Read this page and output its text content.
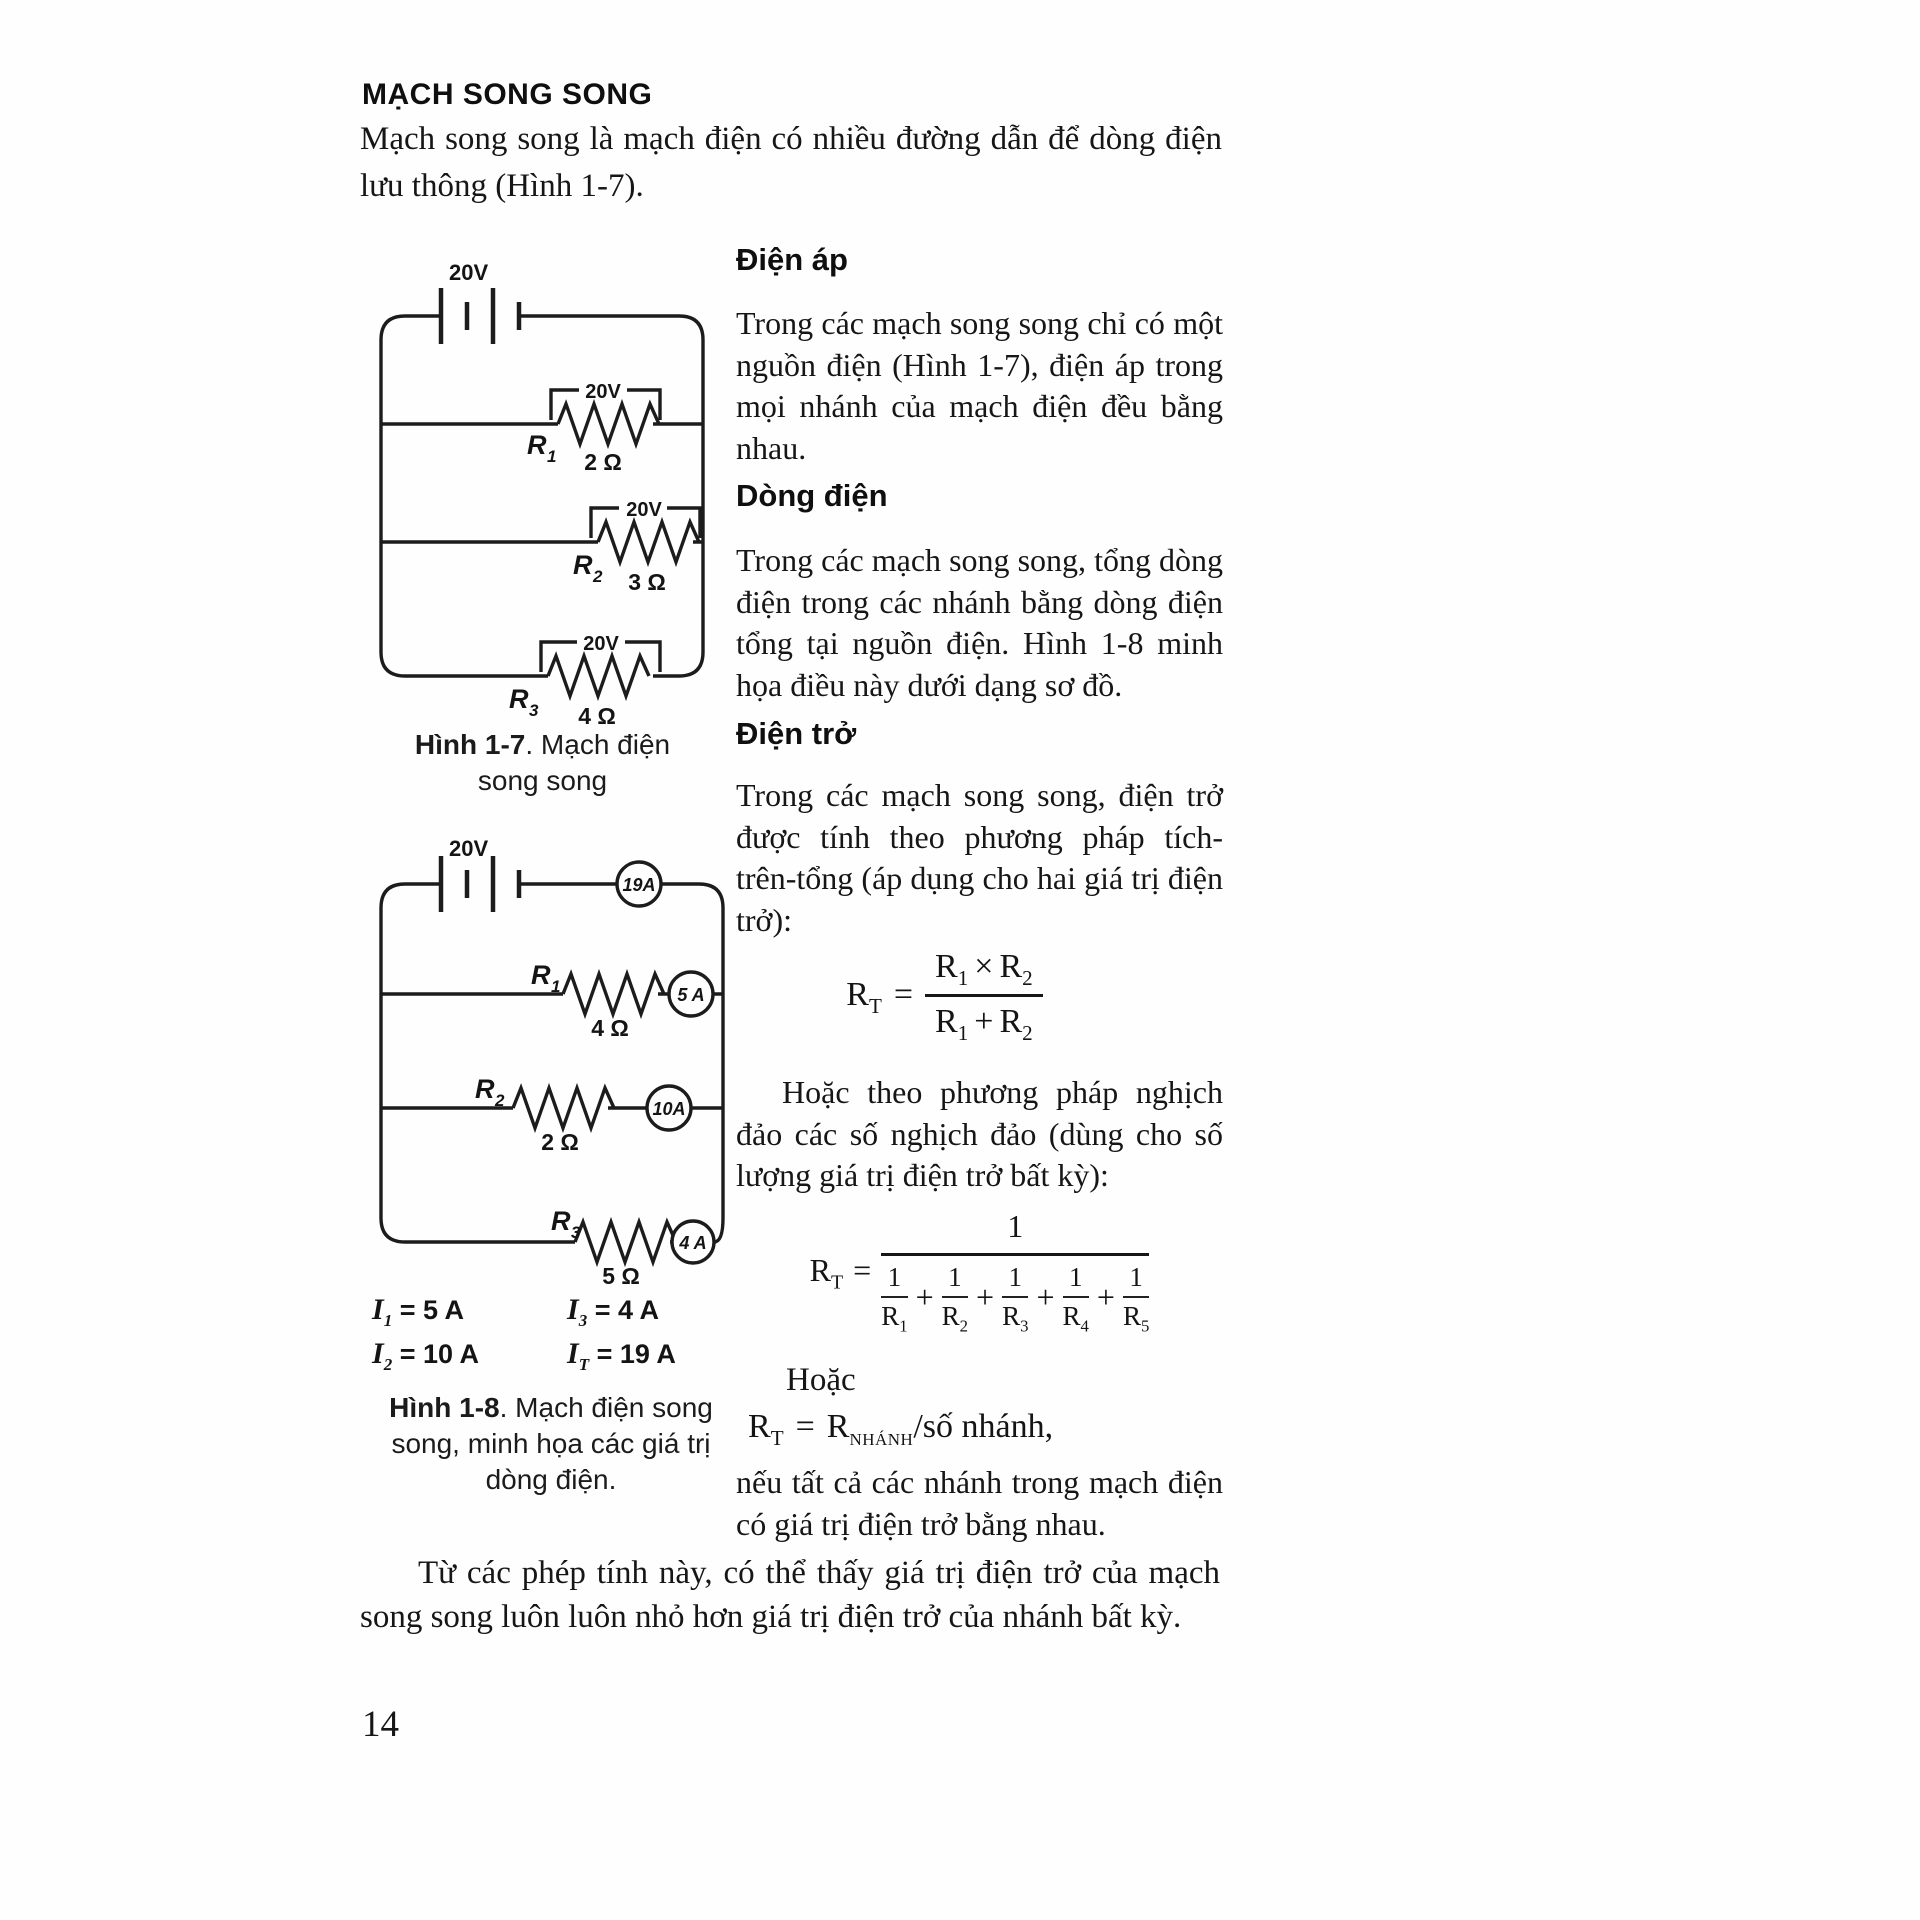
MẠCH SONG SONG

Mạch song song là mạch điện có nhiều đường dẫn để dòng điện lưu thông (Hình 1-7).

20V
20V
20V
20V
R 1 2 Ω
R 2 3 Ω
R 3 4 Ω

Hình 1-7. Mạch điện song song

20V
19A
5 A
10A
4 A
R 1
4 Ω
R 2
2 Ω
R 3
5 Ω
$I_1 = 5$ A
$I_2 = 10$ A
$I_3 = 4$ A
$I_T = 19$ A

Hình 1-8. Mạch điện song song, minh họa các giá trị dòng điện.

Điện áp

Trong các mạch song song chỉ có một nguồn điện (Hình 1-7), điện áp trong mọi nhánh của mạch điện đều bằng nhau.

Dòng điện

Trong các mạch song song, tổng dòng điện trong các nhánh bằng dòng điện tổng tại nguồn điện. Hình 1-8 minh họa điều này dưới dạng sơ đồ.

Điện trở

Trong các mạch song song, điện trở được tính theo phương pháp tích-trên-tổng (áp dụng cho hai giá trị điện trở):

$R_T = \frac{R_1 \times R_2}{R_1 + R_2}$

Hoặc theo phương pháp nghịch đảo các số nghịch đảo (dùng cho số lượng giá trị điện trở bất kỳ):

$R_T$ =
1
1
$R_1$
+ $\frac{1}{R_2} + \frac{1}{R_3} + \frac{1}{R_4} + \frac{1}{R_5}$
Hoặc
$R_T$ = $R_{NHÁNH}/số$ nhánh,

nếu tất cả các nhánh trong mạch điện có giá trị điện trở bằng nhau.

Từ các phép tính này, có thể thấy giá trị điện trở của mạch song song luôn luôn nhỏ hơn giá trị điện trở của nhánh bất kỳ.

14
